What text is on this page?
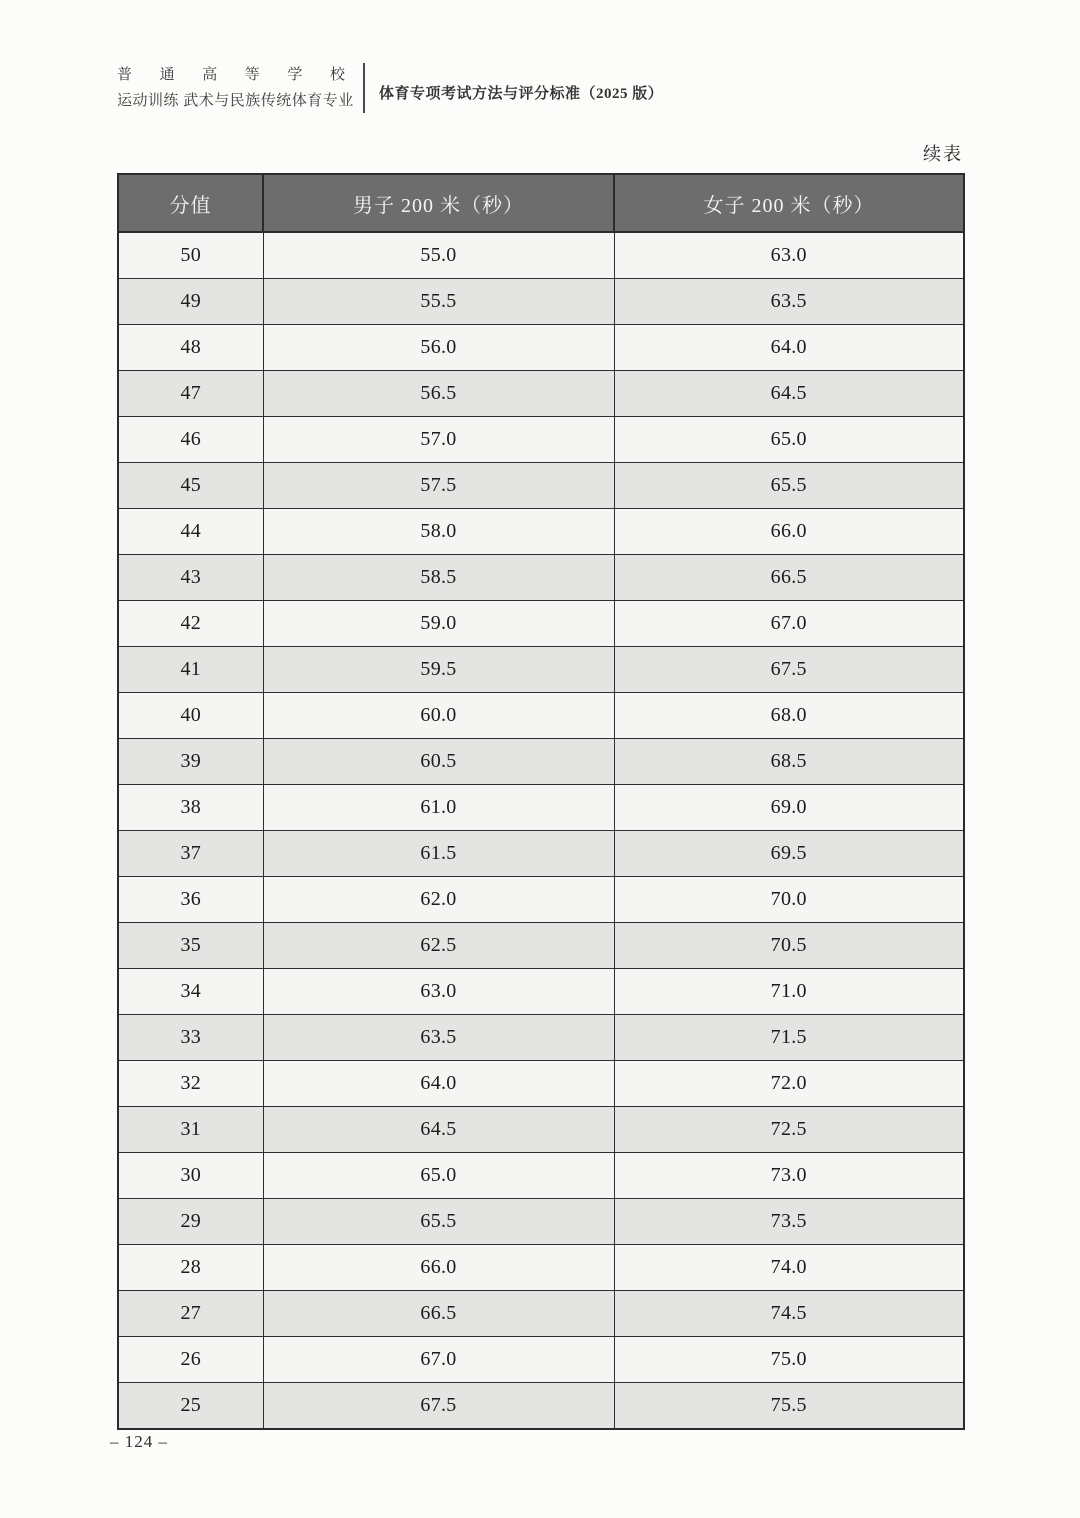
普通高等学校
运动训练 武术与民族传统体育专业 体育专项考试方法与评分标准（2025 版）
续表
分值	男子 200 米（秒）	女子 200 米（秒）
50	55.0	63.0
49	55.5	63.5
48	56.0	64.0
47	56.5	64.5
46	57.0	65.0
45	57.5	65.5
44	58.0	66.0
43	58.5	66.5
42	59.0	67.0
41	59.5	67.5
40	60.0	68.0
39	60.5	68.5
38	61.0	69.0
37	61.5	69.5
36	62.0	70.0
35	62.5	70.5
34	63.0	71.0
33	63.5	71.5
32	64.0	72.0
31	64.5	72.5
30	65.0	73.0
29	65.5	73.5
28	66.0	74.0
27	66.5	74.5
26	67.0	75.0
25	67.5	75.5
– 124 –
